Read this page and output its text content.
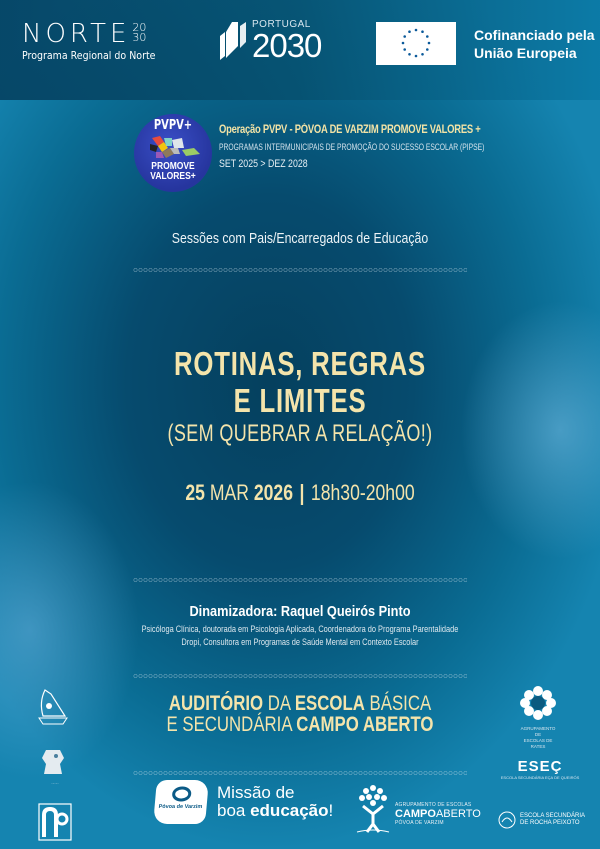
NORTE 20
30
Programa Regional do Norte
PORTUGAL
2030	Cofinanciado pela
União Europeia
PVPV+
PROMOVE
VALORES+
Operação PVPV - PÓVOA DE VARZIM PROMOVE VALORES +
PROGRAMAS INTERMUNICIPAIS DE PROMOÇÃO DO SUCESSO ESCOLAR (PIPSE)
SET 2025 > DEZ 2028
Sessões com Pais/Encarregados de Educação
ROTINAS, REGRAS
E LIMITES
(SEM QUEBRAR A RELAÇÃO!)
25 MAR 2026 | 18h30-20h00
Dinamizadora: Raquel Queirós Pinto
Psicóloga Clínica, doutorada em Psicologia Aplicada, Coordenadora do Programa Parentalidade
Dropi, Consultora em Programas de Saúde Mental em Contexto Escolar
AUDITÓRIO DA ESCOLA BÁSICA
E SECUNDÁRIA CAMPO ABERTO
·····
AGRUPAMENTO DE
ESCOLAS DE RATES
ESEÇ
ESCOLA SECUNDÁRIA EÇA DE QUEIRÓS
ESCOLA SECUNDÁRIA
DE ROCHA PEIXOTO
Póvoa de Varzim
Missão de
boa educação!	AGRUPAMENTO DE ESCOLAS
CAMPOABERTO
PÓVOA DE VARZIM
